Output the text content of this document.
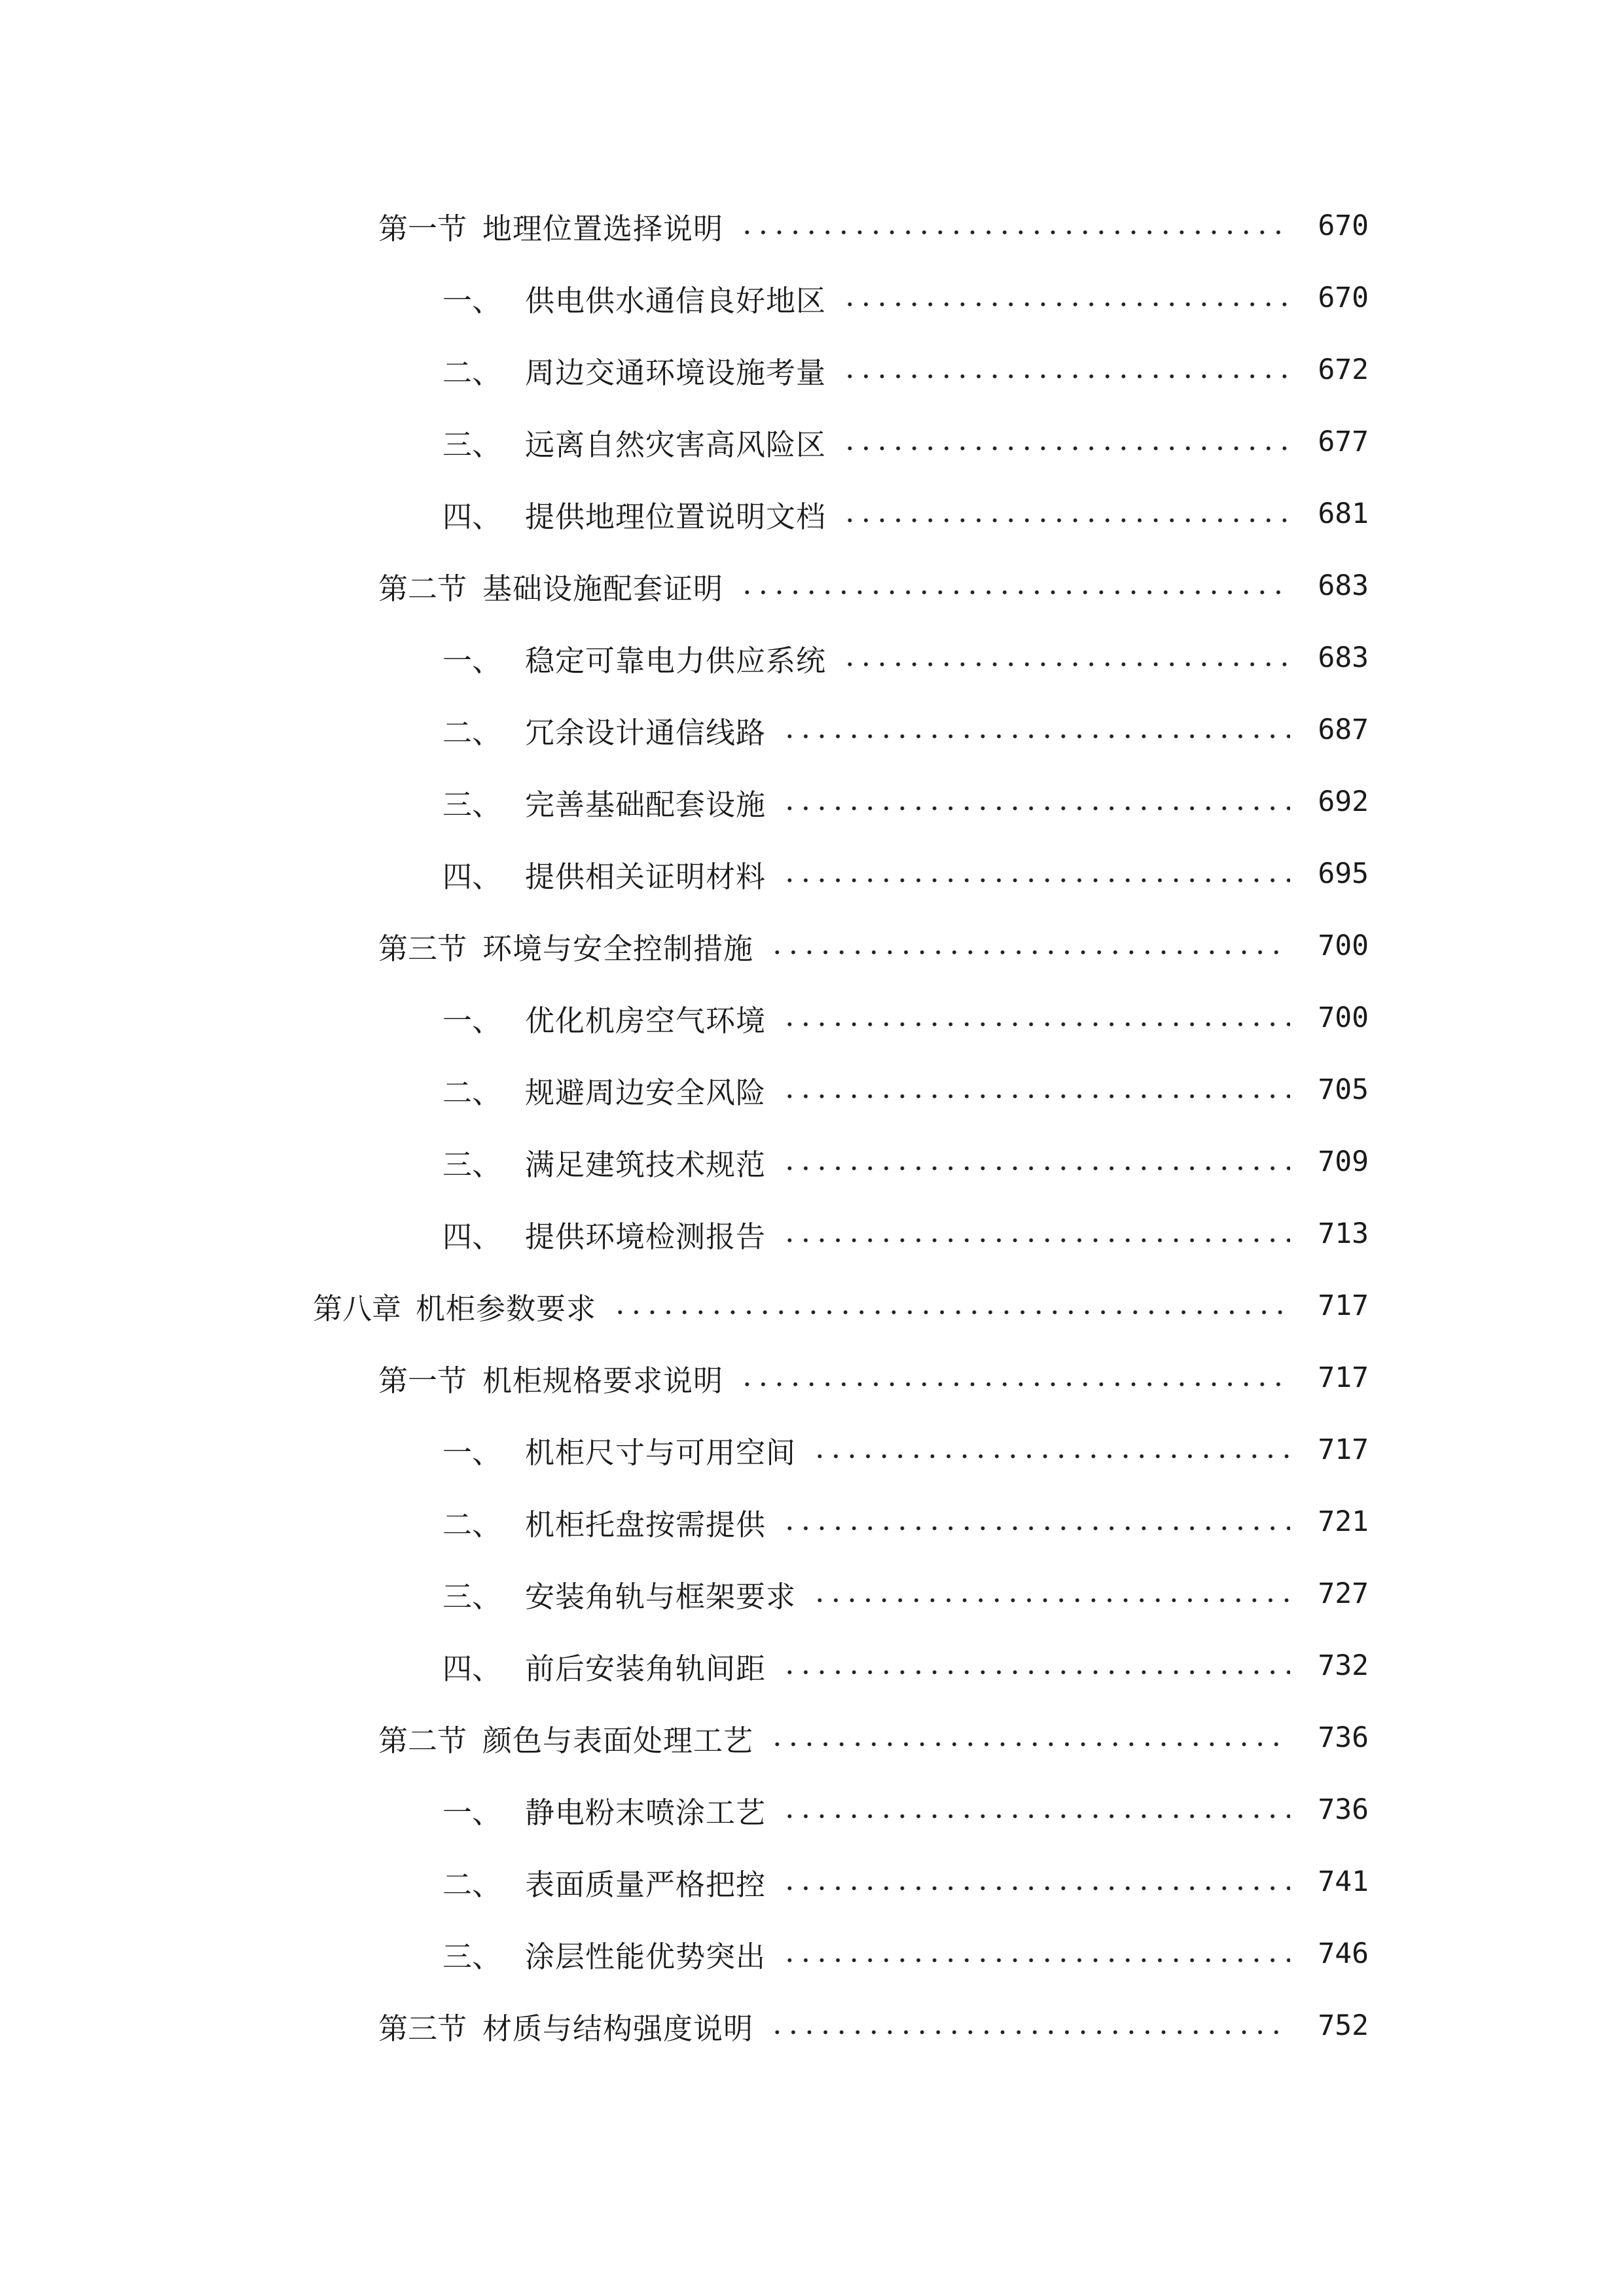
第一节 地理位置选择说明	670
一、 供电供水通信良好地区	670
二、 周边交通环境设施考量	672
三、 远离自然灾害高风险区	677
四、 提供地理位置说明文档	681
第二节 基础设施配套证明	683
一、 稳定可靠电力供应系统	683
二、 冗余设计通信线路	687
三、 完善基础配套设施	692
四、 提供相关证明材料	695
第三节 环境与安全控制措施	700
一、 优化机房空气环境	700
二、 规避周边安全风险	705
三、 满足建筑技术规范	709
四、 提供环境检测报告	713
第八章 机柜参数要求	717
第一节 机柜规格要求说明	717
一、 机柜尺寸与可用空间	717
二、 机柜托盘按需提供	721
三、 安装角轨与框架要求	727
四、 前后安装角轨间距	732
第二节 颜色与表面处理工艺	736
一、 静电粉末喷涂工艺	736
二、 表面质量严格把控	741
三、 涂层性能优势突出	746
第三节 材质与结构强度说明	752
